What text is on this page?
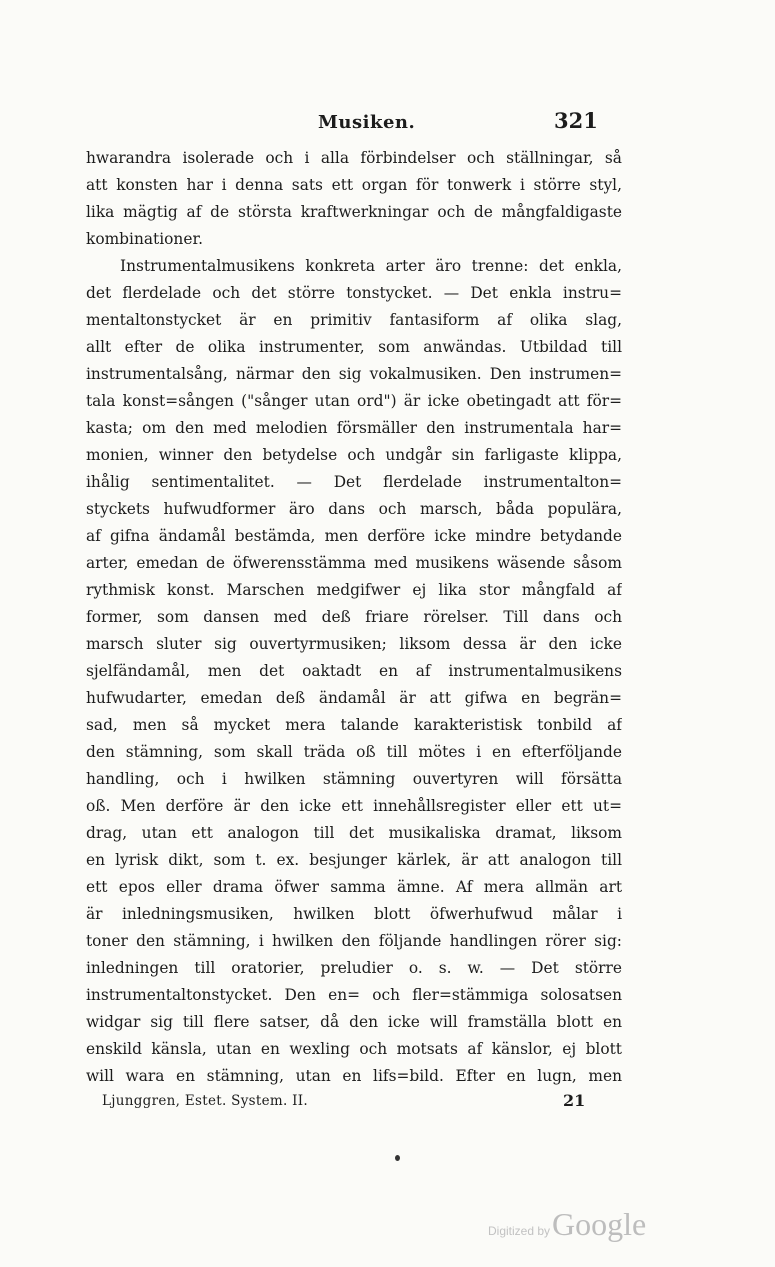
Musiken.	321
hwarandra isolerade och i alla förbindelser och ställningar, så
att konsten har i denna sats ett organ för tonwerk i större styl,
lika mägtig af de största kraftwerkningar och de mångfaldigaste
kombinationer.
Instrumentalmusikens konkreta arter äro trenne: det enkla,
det flerdelade och det större tonstycket. — Det enkla instru=
mentaltonstycket är en primitiv fantasiform af olika slag,
allt efter de olika instrumenter, som anwändas. Utbildad till
instrumentalsång, närmar den sig vokalmusiken. Den instrumen=
tala konst=sången ("sånger utan ord") är icke obetingadt att för=
kasta; om den med melodien försmäller den instrumentala har=
monien, winner den betydelse och undgår sin farligaste klippa,
ihålig sentimentalitet. — Det flerdelade instrumentalton=
styckets hufwudformer äro dans och marsch, båda populära,
af gifna ändamål bestämda, men derföre icke mindre betydande
arter, emedan de öfwerensstämma med musikens wäsende såsom
rythmisk konst. Marschen medgifwer ej lika stor mångfald af
former, som dansen med deß friare rörelser. Till dans och
marsch sluter sig ouvertyrmusiken; liksom dessa är den icke
sjelfändamål, men det oaktadt en af instrumentalmusikens
hufwudarter, emedan deß ändamål är att gifwa en begrän=
sad, men så mycket mera talande karakteristisk tonbild af
den stämning, som skall träda oß till mötes i en efterföljande
handling, och i hwilken stämning ouvertyren will försätta
oß. Men derföre är den icke ett innehållsregister eller ett ut=
drag, utan ett analogon till det musikaliska dramat, liksom
en lyrisk dikt, som t. ex. besjunger kärlek, är att analogon till
ett epos eller drama öfwer samma ämne. Af mera allmän art
är inledningsmusiken, hwilken blott öfwerhufwud målar i
toner den stämning, i hwilken den följande handlingen rörer sig:
inledningen till oratorier, preludier o. s. w. — Det större
instrumentaltonstycket. Den en= och fler=stämmiga solosatsen
widgar sig till flere satser, då den icke will framställa blott en
enskild känsla, utan en wexling och motsats af känslor, ej blott
will wara en stämning, utan en lifs=bild. Efter en lugn, men
Ljunggren, Estet. System. II.	21
Digitized by Google
